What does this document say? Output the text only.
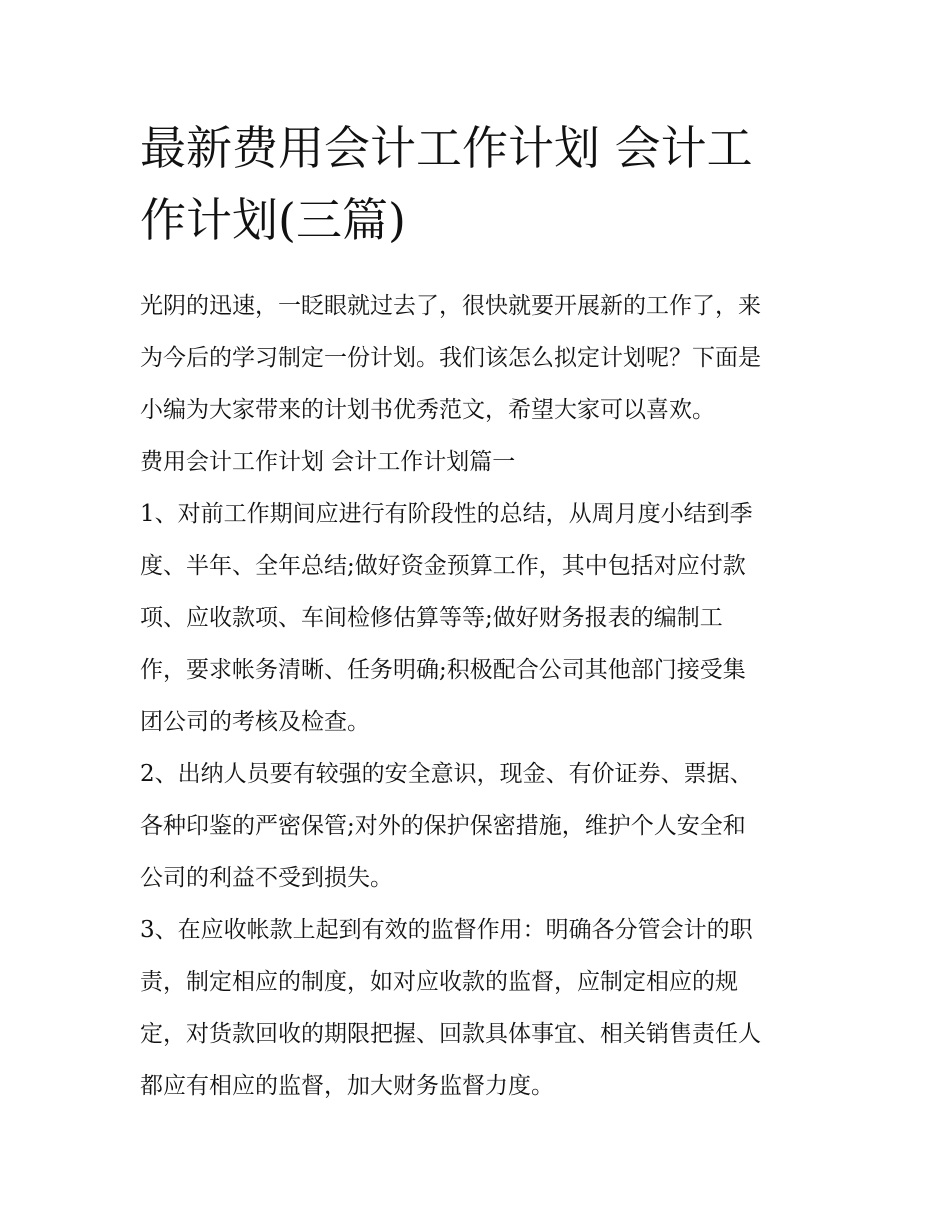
最新费用会计工作计划 会计工
作计划(三篇)

光阴的迅速，一眨眼就过去了，很快就要开展新的工作了，来
为今后的学习制定一份计划。我们该怎么拟定计划呢？下面是
小编为大家带来的计划书优秀范文，希望大家可以喜欢。

费用会计工作计划 会计工作计划篇一

1、对前工作期间应进行有阶段性的总结，从周月度小结到季
度、半年、全年总结;做好资金预算工作，其中包括对应付款
项、应收款项、车间检修估算等等;做好财务报表的编制工
作，要求帐务清晰、任务明确;积极配合公司其他部门接受集
团公司的考核及检查。

2、出纳人员要有较强的安全意识，现金、有价证券、票据、
各种印鉴的严密保管;对外的保护保密措施，维护个人安全和
公司的利益不受到损失。

3、在应收帐款上起到有效的监督作用：明确各分管会计的职
责，制定相应的制度，如对应收款的监督，应制定相应的规
定，对货款回收的期限把握、回款具体事宜、相关销售责任人
都应有相应的监督，加大财务监督力度。
